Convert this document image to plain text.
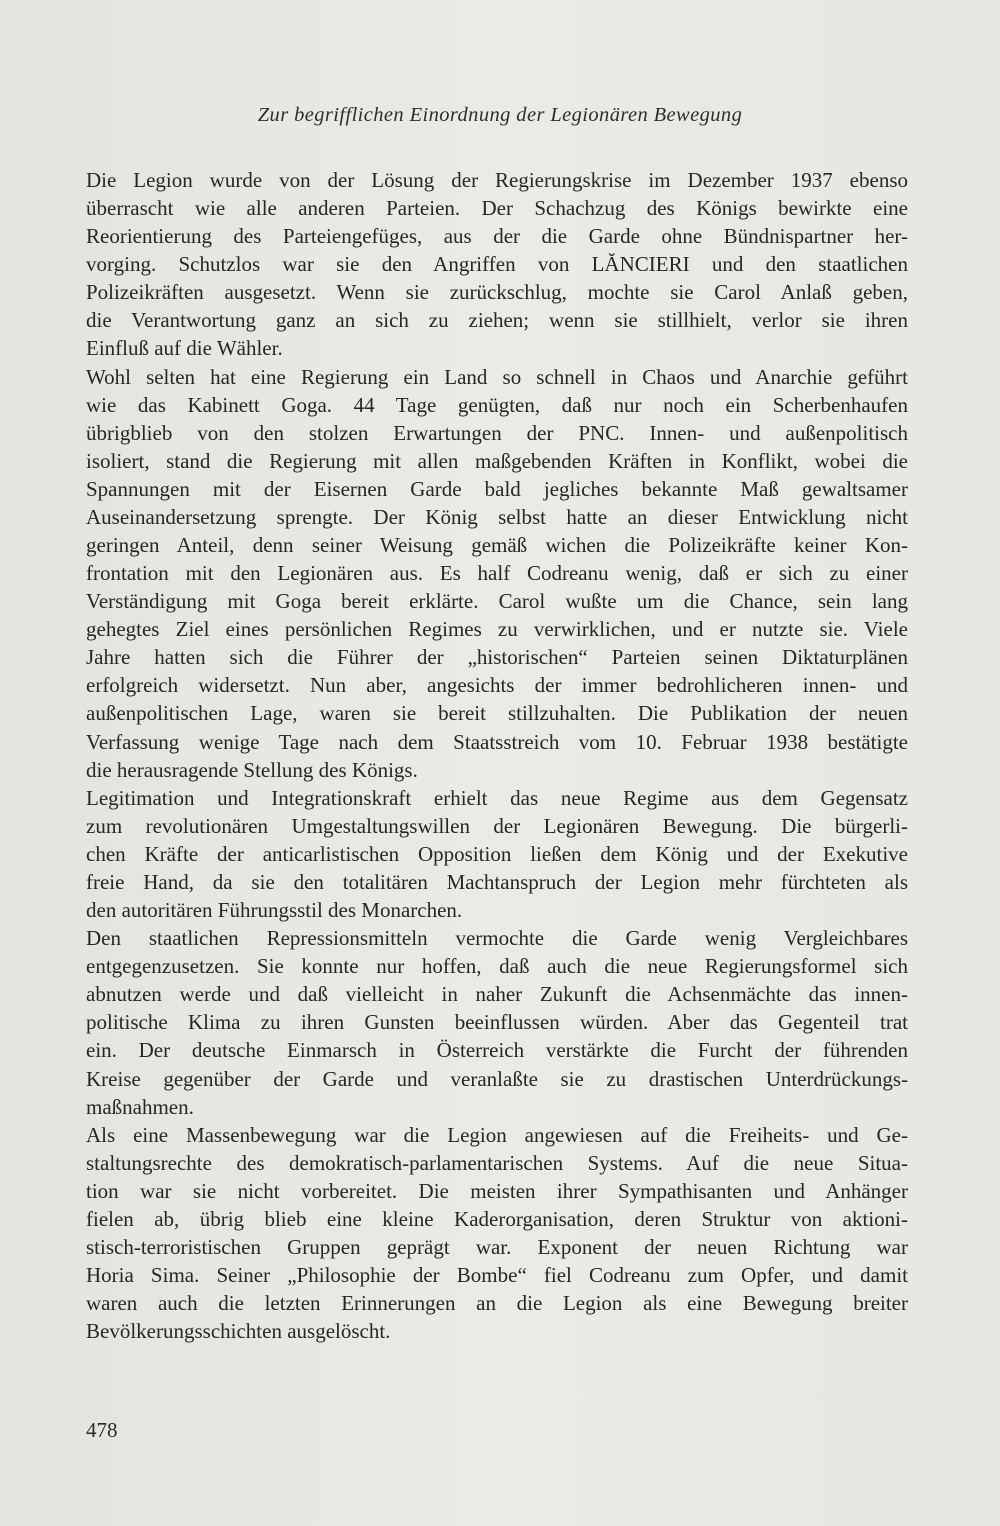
Zur begrifflichen Einordnung der Legionären Bewegung

Die Legion wurde von der Lösung der Regierungskrise im Dezember 1937 ebenso
überrascht wie alle anderen Parteien. Der Schachzug des Königs bewirkte eine
Reorientierung des Parteiengefüges, aus der die Garde ohne Bündnispartner her-
vorging. Schutzlos war sie den Angriffen von LĂNCIERI und den staatlichen
Polizeikräften ausgesetzt. Wenn sie zurückschlug, mochte sie Carol Anlaß geben,
die Verantwortung ganz an sich zu ziehen; wenn sie stillhielt, verlor sie ihren
Einfluß auf die Wähler.
Wohl selten hat eine Regierung ein Land so schnell in Chaos und Anarchie geführt
wie das Kabinett Goga. 44 Tage genügten, daß nur noch ein Scherbenhaufen
übrigblieb von den stolzen Erwartungen der PNC. Innen- und außenpolitisch
isoliert, stand die Regierung mit allen maßgebenden Kräften in Konflikt, wobei die
Spannungen mit der Eisernen Garde bald jegliches bekannte Maß gewaltsamer
Auseinandersetzung sprengte. Der König selbst hatte an dieser Entwicklung nicht
geringen Anteil, denn seiner Weisung gemäß wichen die Polizeikräfte keiner Kon-
frontation mit den Legionären aus. Es half Codreanu wenig, daß er sich zu einer
Verständigung mit Goga bereit erklärte. Carol wußte um die Chance, sein lang
gehegtes Ziel eines persönlichen Regimes zu verwirklichen, und er nutzte sie. Viele
Jahre hatten sich die Führer der „historischen“ Parteien seinen Diktaturplänen
erfolgreich widersetzt. Nun aber, angesichts der immer bedrohlicheren innen- und
außenpolitischen Lage, waren sie bereit stillzuhalten. Die Publikation der neuen
Verfassung wenige Tage nach dem Staatsstreich vom 10. Februar 1938 bestätigte
die herausragende Stellung des Königs.
Legitimation und Integrationskraft erhielt das neue Regime aus dem Gegensatz
zum revolutionären Umgestaltungswillen der Legionären Bewegung. Die bürgerli-
chen Kräfte der anticarlistischen Opposition ließen dem König und der Exekutive
freie Hand, da sie den totalitären Machtanspruch der Legion mehr fürchteten als
den autoritären Führungsstil des Monarchen.
Den staatlichen Repressionsmitteln vermochte die Garde wenig Vergleichbares
entgegenzusetzen. Sie konnte nur hoffen, daß auch die neue Regierungsformel sich
abnutzen werde und daß vielleicht in naher Zukunft die Achsenmächte das innen-
politische Klima zu ihren Gunsten beeinflussen würden. Aber das Gegenteil trat
ein. Der deutsche Einmarsch in Österreich verstärkte die Furcht der führenden
Kreise gegenüber der Garde und veranlaßte sie zu drastischen Unterdrückungs-
maßnahmen.
Als eine Massenbewegung war die Legion angewiesen auf die Freiheits- und Ge-
staltungsrechte des demokratisch-parlamentarischen Systems. Auf die neue Situa-
tion war sie nicht vorbereitet. Die meisten ihrer Sympathisanten und Anhänger
fielen ab, übrig blieb eine kleine Kaderorganisation, deren Struktur von aktioni-
stisch-terroristischen Gruppen geprägt war. Exponent der neuen Richtung war
Horia Sima. Seiner „Philosophie der Bombe“ fiel Codreanu zum Opfer, und damit
waren auch die letzten Erinnerungen an die Legion als eine Bewegung breiter
Bevölkerungsschichten ausgelöscht.

478
